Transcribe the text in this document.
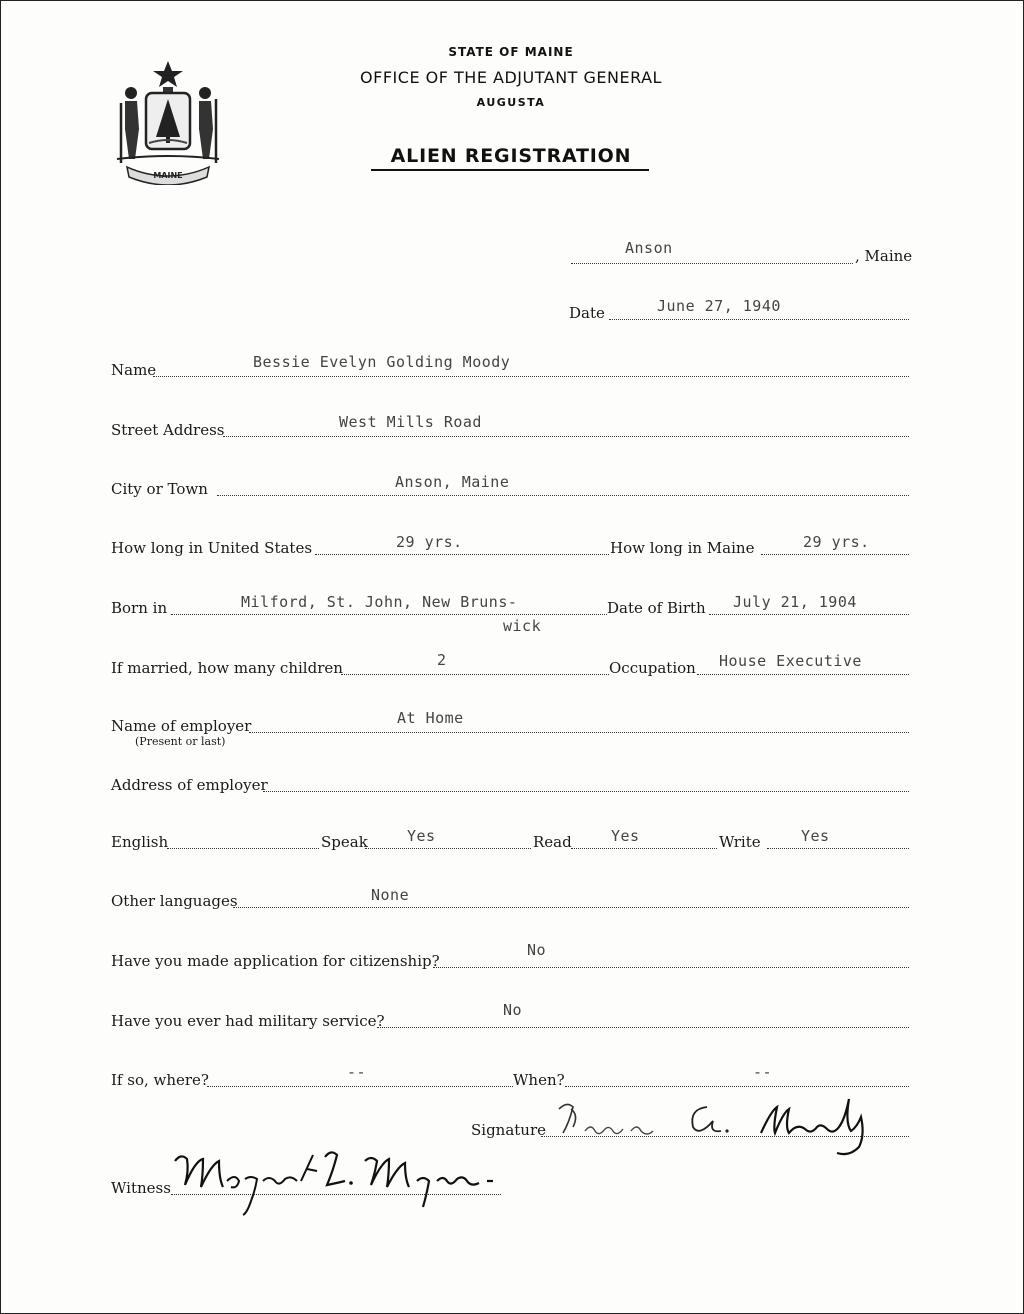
MAINE
STATE OF MAINE
OFFICE OF THE ADJUTANT GENERAL
AUGUSTA
ALIEN REGISTRATION
Anson	, Maine
Date	June 27, 1940
Name	Bessie Evelyn Golding Moody
Street Address	West Mills Road
City or Town	Anson, Maine
How long in United States	29 yrs.	How long in Maine	29 yrs.
Born in	Milford, St. John, New Bruns-
wick
Date of Birth July 21, 1904
If married, how many children	2	Occupation House Executive
Name of employer
(Present or last)
At Home
Address of employer
English	Speak	Yes	Read	Yes	Write	Yes
Other languages	None
Have you made application for citizenship?
No
Have you ever had military service?
No
If so, where?	--	When?	--
Signature
Witness
